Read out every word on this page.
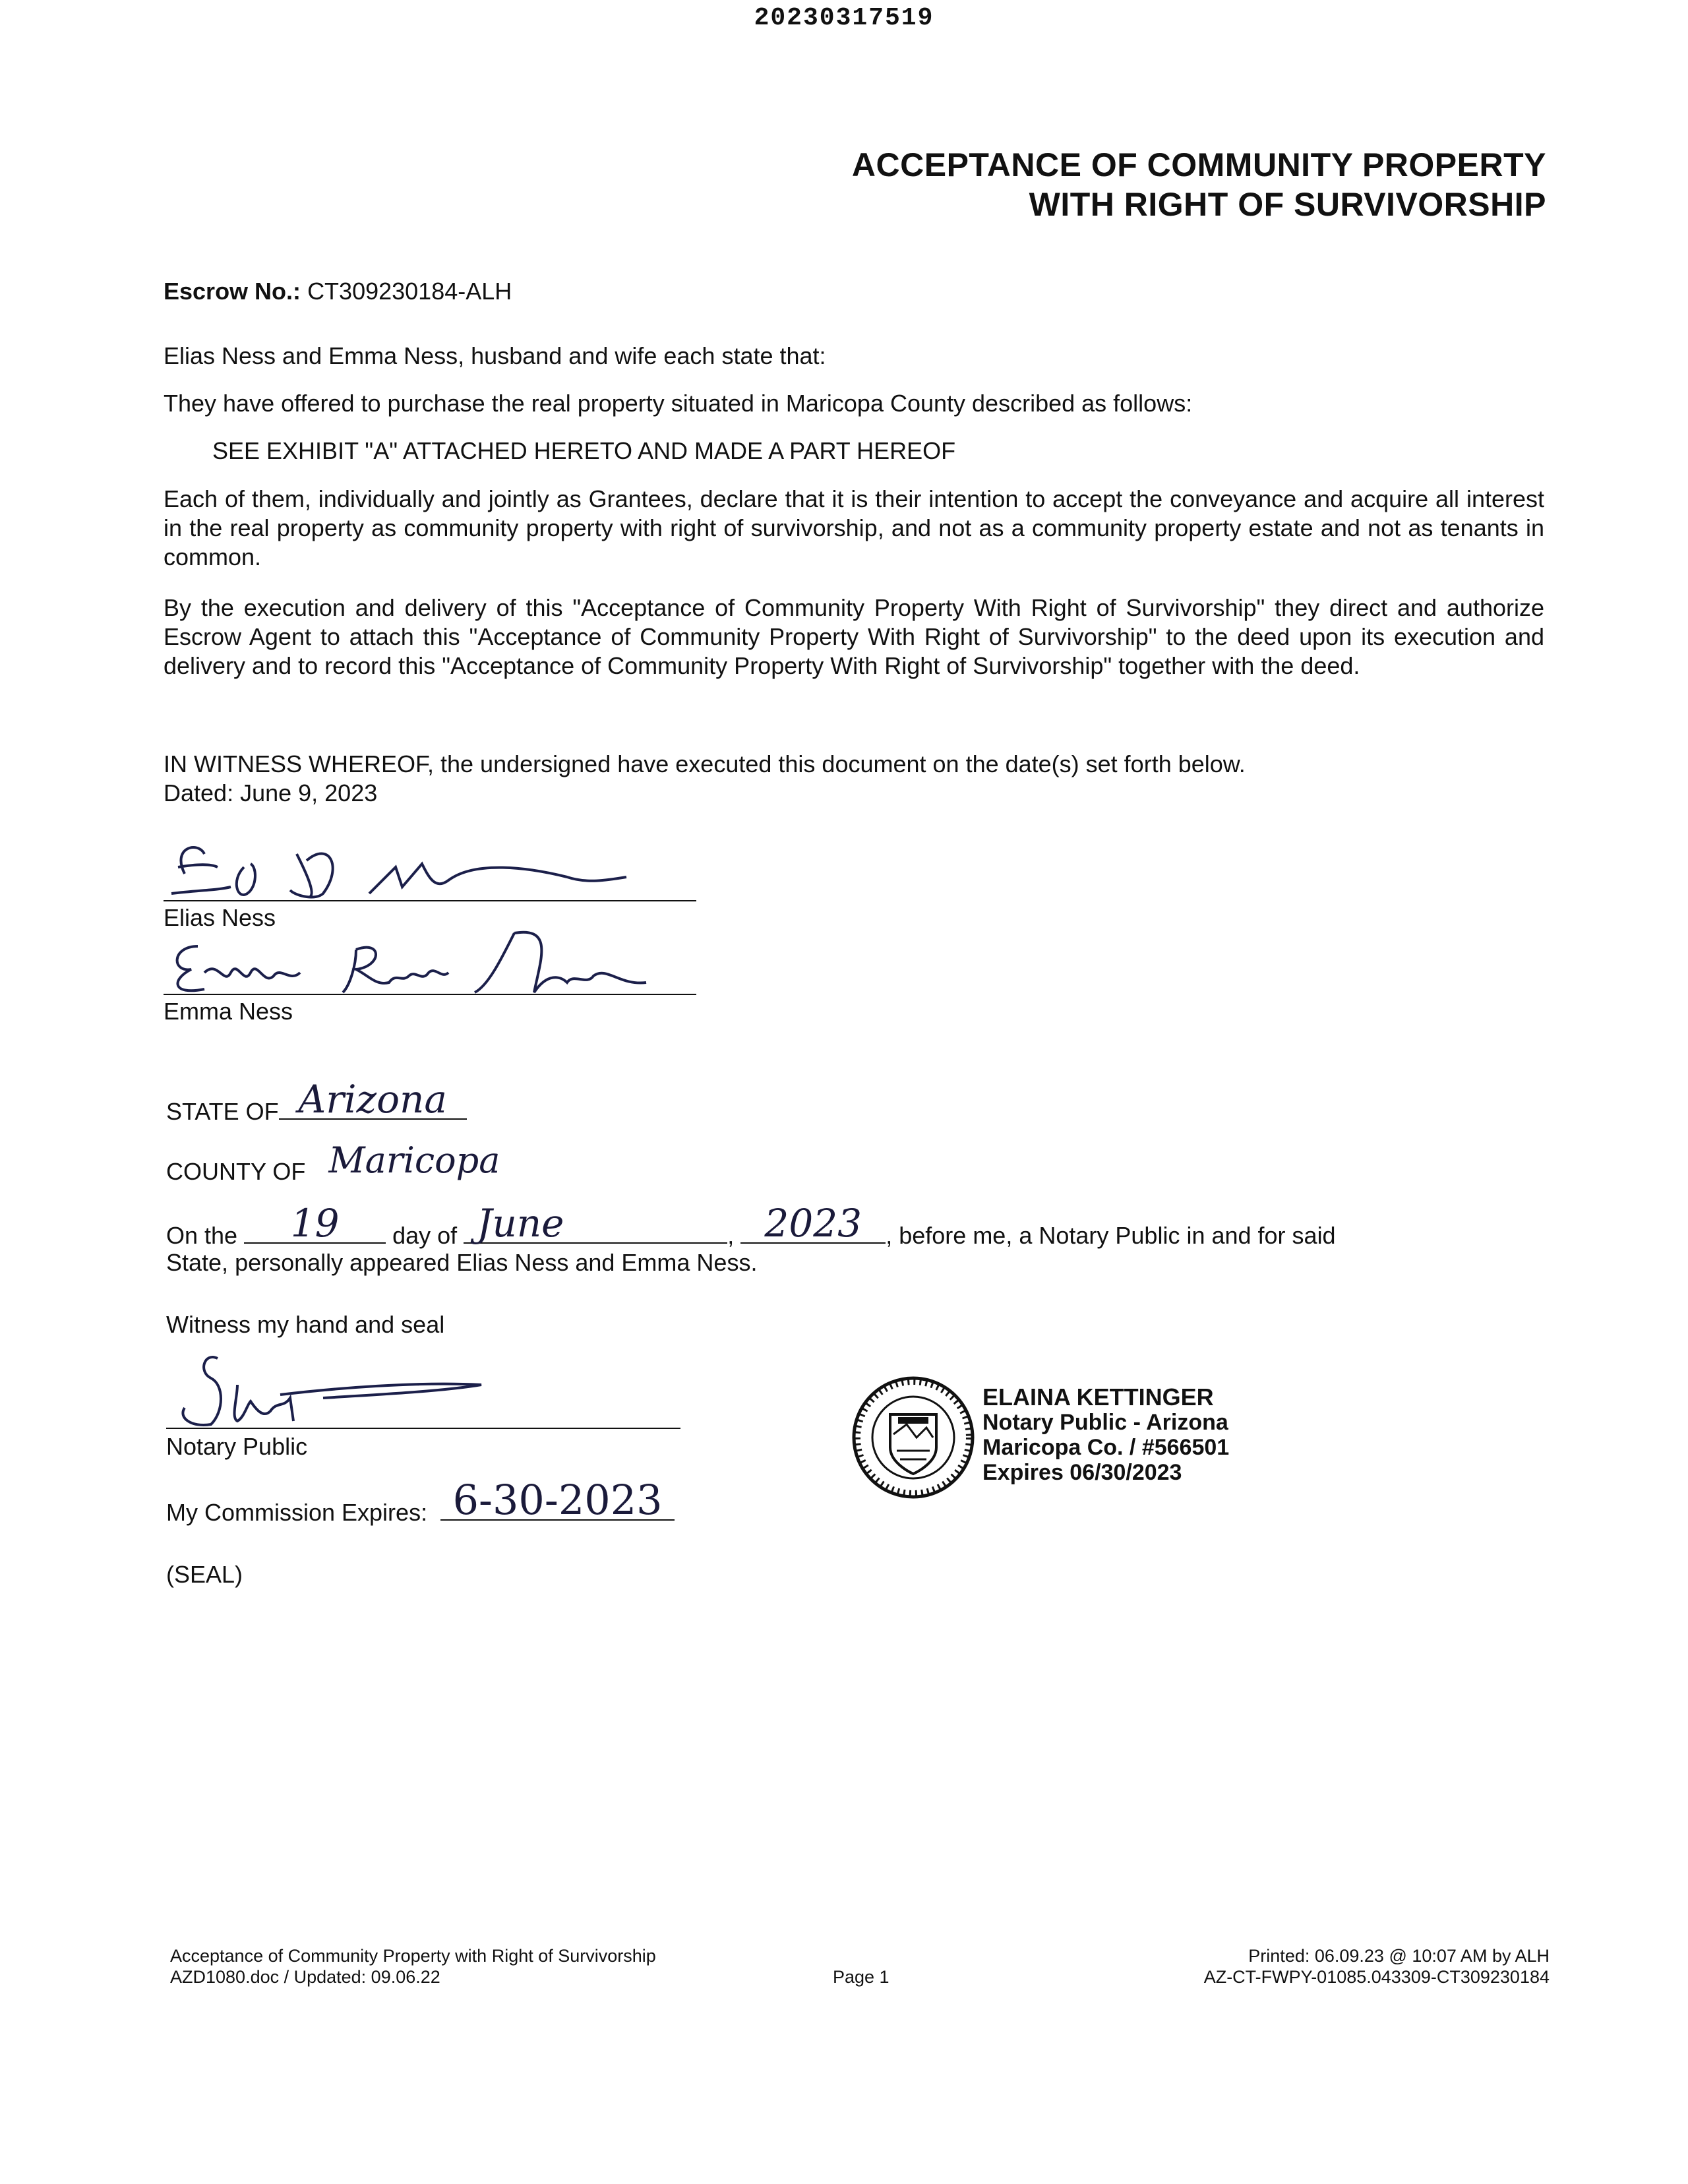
20230317519
ACCEPTANCE OF COMMUNITY PROPERTY
WITH RIGHT OF SURVIVORSHIP
Escrow No.: CT309230184-ALH
Elias Ness and Emma Ness, husband and wife each state that:
They have offered to purchase the real property situated in Maricopa County described as follows:
SEE EXHIBIT "A" ATTACHED HERETO AND MADE A PART HEREOF
Each of them, individually and jointly as Grantees, declare that it is their intention to accept the conveyance and acquire all interest in the real property as community property with right of survivorship, and not as a community property estate and not as tenants in common.
By the execution and delivery of this "Acceptance of Community Property With Right of Survivorship" they direct and authorize Escrow Agent to attach this "Acceptance of Community Property With Right of Survivorship" to the deed upon its execution and delivery and to record this "Acceptance of Community Property With Right of Survivorship" together with the deed.
IN WITNESS WHEREOF, the undersigned have executed this document on the date(s) set forth below.
Dated: June 9, 2023
Elias Ness
Emma Ness
STATE OF Arizona
COUNTY OF Maricopa
On the	19	day of June	, 2023	, before me, a Notary Public in and for said
State, personally appeared Elias Ness and Emma Ness.
Witness my hand and seal
Notary Public
My Commission Expires: 6-30-2023
(SEAL)
ELAINA KETTINGER
Notary Public - Arizona
Maricopa Co. / #566501
Expires 06/30/2023
Acceptance of Community Property with Right of Survivorship
AZD1080.doc / Updated: 09.06.22	Page 1
Printed: 06.09.23 @ 10:07 AM by ALH
AZ-CT-FWPY-01085.043309-CT309230184
